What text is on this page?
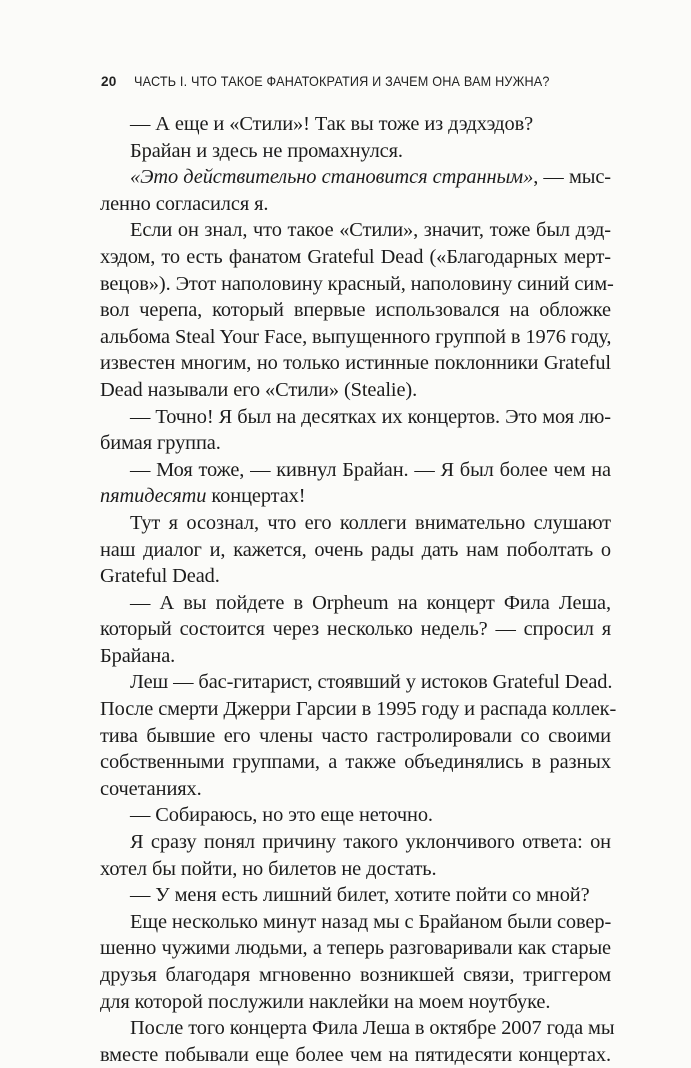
20 ЧАСТЬ I. ЧТО ТАКОЕ ФАНАТОКРАТИЯ И ЗАЧЕМ ОНА ВАМ НУЖНА?
— А еще и «Стили»! Так вы тоже из дэдхэдов?
Брайан и здесь не промахнулся.
«Это действительно становится странным», — мыс-
ленно согласился я.
Если он знал, что такое «Стили», значит, тоже был дэд-
хэдом, то есть фанатом Grateful Dead («Благодарных мерт-
вецов»). Этот наполовину красный, наполовину синий сим-
вол черепа, который впервые использовался на обложке
альбома Steal Your Face, выпущенного группой в 1976 году,
известен многим, но только истинные поклонники Grateful
Dead называли его «Стили» (Stealie).
— Точно! Я был на десятках их концертов. Это моя лю-
бимая группа.
— Моя тоже, — кивнул Брайан. — Я был более чем на
пятидесяти концертах!
Тут я осознал, что его коллеги внимательно слушают
наш диалог и, кажется, очень рады дать нам поболтать о
Grateful Dead.
— А вы пойдете в Orpheum на концерт Фила Леша,
который состоится через несколько недель? — спросил я
Брайана.
Леш — бас-гитарист, стоявший у истоков Grateful Dead.
После смерти Джерри Гарсии в 1995 году и распада коллек-
тива бывшие его члены часто гастролировали со своими
собственными группами, а также объединялись в разных
сочетаниях.
— Собираюсь, но это еще неточно.
Я сразу понял причину такого уклончивого ответа: он
хотел бы пойти, но билетов не достать.
— У меня есть лишний билет, хотите пойти со мной?
Еще несколько минут назад мы с Брайаном были совер-
шенно чужими людьми, а теперь разговаривали как старые
друзья благодаря мгновенно возникшей связи, триггером
для которой послужили наклейки на моем ноутбуке.
После того концерта Фила Леша в октябре 2007 года мы
вместе побывали еще более чем на пятидесяти концертах.
